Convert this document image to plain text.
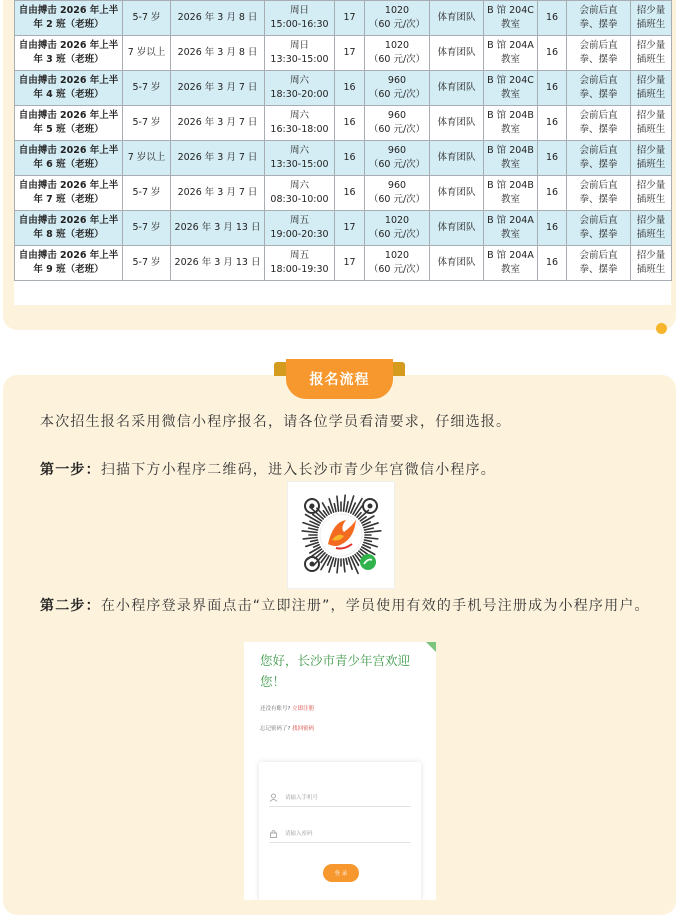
自由搏击 2026 年上半
年 2 班（老班）	5-7 岁	2026 年 3 月 8 日	周日
15:00-16:30	17	1020
（60 元/次）	体育团队	B 馆 204C
教室	16	会前后直
拳、摆拳	招少量
插班生

自由搏击 2026 年上半
年 3 班（老班）	7 岁以上	2026 年 3 月 8 日	周日
13:30-15:00	17	1020
（60 元/次）	体育团队	B 馆 204A
教室	16	会前后直
拳、摆拳	招少量
插班生

自由搏击 2026 年上半
年 4 班（老班）	5-7 岁	2026 年 3 月 7 日	周六
18:30-20:00	16	960
（60 元/次）	体育团队	B 馆 204C
教室	16	会前后直
拳、摆拳	招少量
插班生

自由搏击 2026 年上半
年 5 班（老班）	5-7 岁	2026 年 3 月 7 日	周六
16:30-18:00	16	960
（60 元/次）	体育团队	B 馆 204B
教室	16	会前后直
拳、摆拳	招少量
插班生

自由搏击 2026 年上半
年 6 班（老班）	7 岁以上	2026 年 3 月 7 日	周六
13:30-15:00	16	960
（60 元/次）	体育团队	B 馆 204B
教室	16	会前后直
拳、摆拳	招少量
插班生

自由搏击 2026 年上半
年 7 班（老班）	5-7 岁	2026 年 3 月 7 日	周六
08:30-10:00	16	960
（60 元/次）	体育团队	B 馆 204B
教室	16	会前后直
拳、摆拳	招少量
插班生

自由搏击 2026 年上半
年 8 班（老班）	5-7 岁	2026 年 3 月 13 日	周五
19:00-20:30	17	1020
（60 元/次）	体育团队	B 馆 204A
教室	16	会前后直
拳、摆拳	招少量
插班生

自由搏击 2026 年上半
年 9 班（老班）	5-7 岁	2026 年 3 月 13 日	周五
18:00-19:30	17	1020
（60 元/次）	体育团队	B 馆 204A
教室	16	会前后直
拳、摆拳	招少量
插班生
报名流程
本次招生报名采用微信小程序报名，请各位学员看清要求，仔细选报。
第一步：扫描下方小程序二维码，进入长沙市青少年宫微信小程序。
第二步：在小程序登录界面点击“立即注册”，学员使用有效的手机号注册成为小程序用户。
您好，长沙市青少年宫欢迎您！
还没有账号? 立即注册
忘记密码了? 找回密码
请输入手机号
请输入密码
登 录
